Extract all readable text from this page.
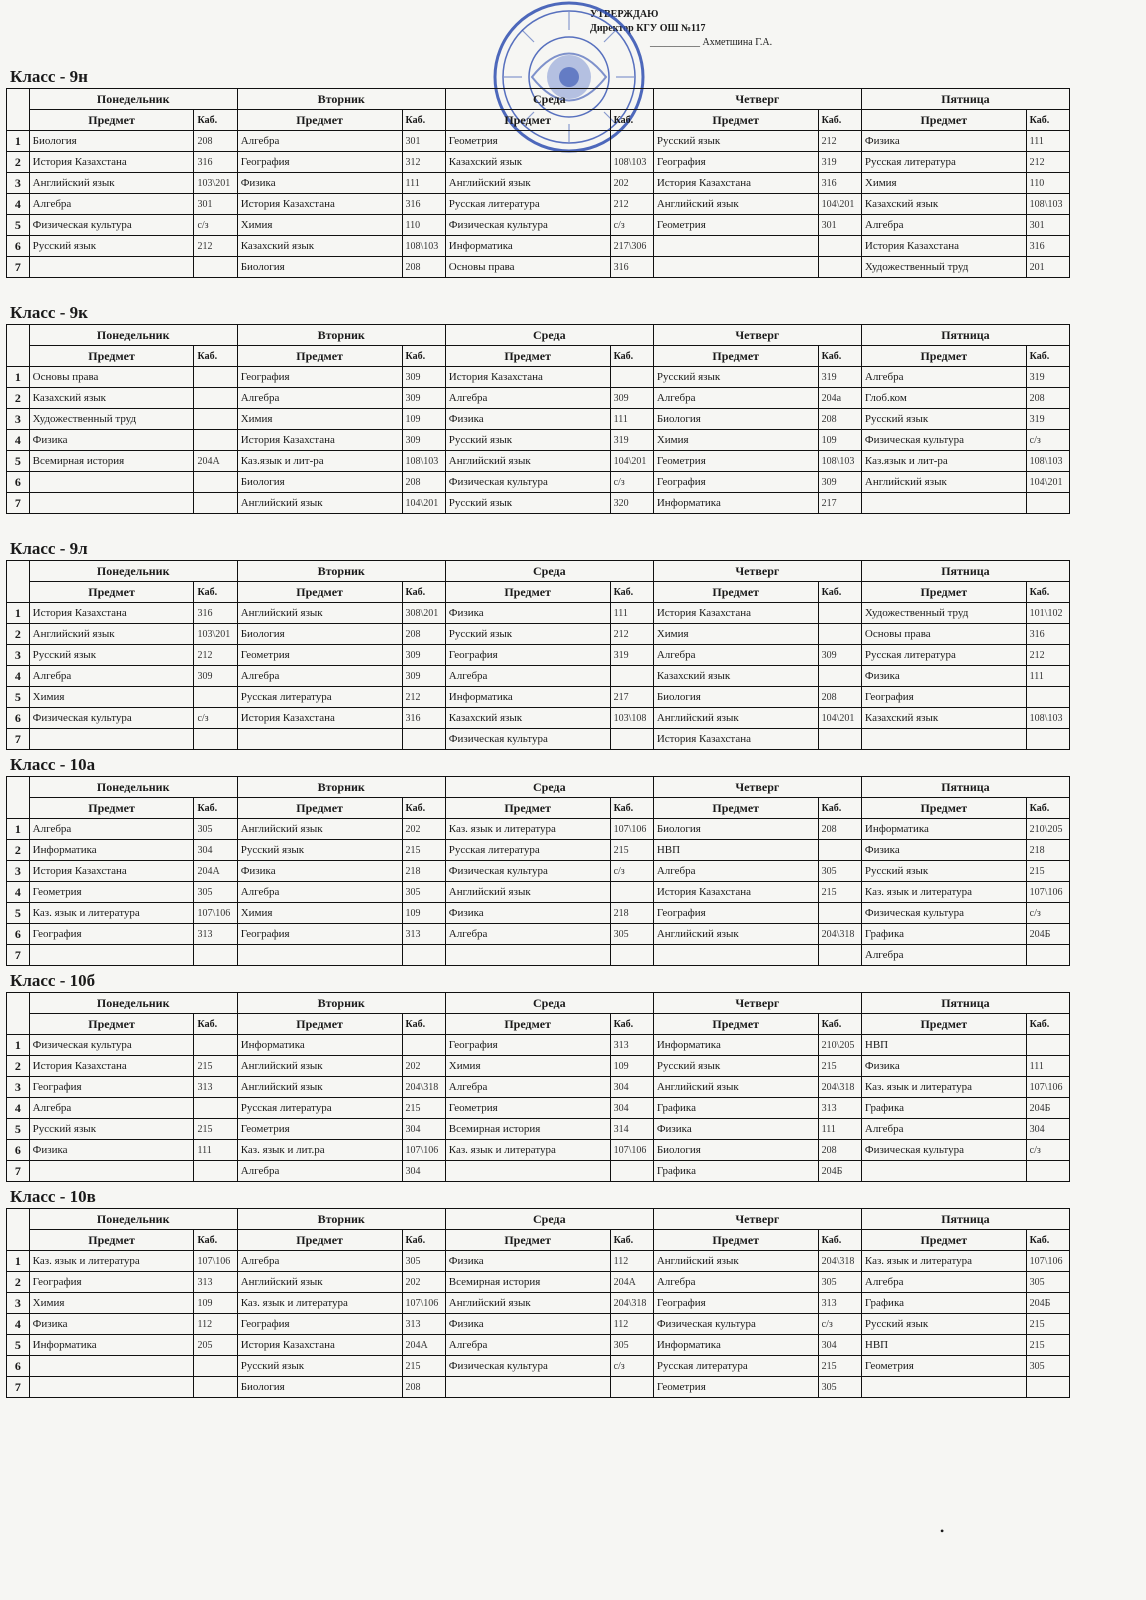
УТВЕРЖДАЮ
Директор КГУ ОШ №117
__________ Ахметшина Г.А.
Класс - 9н
	Понедельник		Вторник		Среда		Четверг		Пятница	
	Предмет	Каб.	Предмет	Каб.	Предмет	Каб.	Предмет	Каб.	Предмет	Каб.
1	Биология	208	Алгебра	301	Геометрия		Русский язык	212	Физика	111
2	История Казахстана	316	География	312	Казахский язык	108\103	География	319	Русская литература	212
3	Английский язык	103\201	Физика	111	Английский язык	202	История Казахстана	316	Химия	110
4	Алгебра	301	История Казахстана	316	Русская литература	212	Английский язык	104\201	Казахский язык	108\103
5	Физическая культура	с/з	Химия	110	Физическая культура	с/з	Геометрия	301	Алгебра	301
6	Русский язык	212	Казахский язык	108\103	Информатика	217\306			История Казахстана	316
7			Биология	208	Основы права	316			Художественный труд	201
Класс - 9к
	Понедельник		Вторник		Среда		Четверг		Пятница	
	Предмет	Каб.	Предмет	Каб.	Предмет	Каб.	Предмет	Каб.	Предмет	Каб.
1	Основы права		География	309	История Казахстана		Русский язык	319	Алгебра	319
2	Казахский язык		Алгебра	309	Алгебра	309	Алгебра	204а	Глоб.ком	208
3	Художественный труд		Химия	109	Физика	111	Биология	208	Русский язык	319
4	Физика		История Казахстана	309	Русский язык	319	Химия	109	Физическая культура	с/з
5	Всемирная история	204А	Каз.язык и лит-ра	108\103	Английский язык	104\201	Геометрия	108\103	Каз.язык и лит-ра	108\103
6			Биология	208	Физическая культура	с/з	География	309	Английский язык	104\201
7			Английский язык	104\201	Русский язык	320	Информатика	217		
Класс - 9л
	Понедельник		Вторник		Среда		Четверг		Пятница	
	Предмет	Каб.	Предмет	Каб.	Предмет	Каб.	Предмет	Каб.	Предмет	Каб.
1	История Казахстана	316	Английский язык	308\201	Физика	111	История Казахстана		Художественный труд	101\102
2	Английский язык	103\201	Биология	208	Русский язык	212	Химия		Основы права	316
3	Русский язык	212	Геометрия	309	География	319	Алгебра	309	Русская литература	212
4	Алгебра	309	Алгебра	309	Алгебра		Казахский язык		Физика	111
5	Химия		Русская литература	212	Информатика	217	Биология	208	География	
6	Физическая культура	с/з	История Казахстана	316	Казахский язык	103\108	Английский язык	104\201	Казахский язык	108\103
7					Физическая культура		История Казахстана			
Класс - 10а
	Понедельник		Вторник		Среда		Четверг		Пятница	
	Предмет	Каб.	Предмет	Каб.	Предмет	Каб.	Предмет	Каб.	Предмет	Каб.
1	Алгебра	305	Английский язык	202	Каз. язык и литература	107\106	Биология	208	Информатика	210\205
2	Информатика	304	Русский язык	215	Русская литература	215	НВП		Физика	218
3	История Казахстана	204А	Физика	218	Физическая культура	с/з	Алгебра	305	Русский язык	215
4	Геометрия	305	Алгебра	305	Английский язык		История Казахстана	215	Каз. язык и литература	107\106
5	Каз. язык и литература	107\106	Химия	109	Физика	218	География		Физическая культура	с/з
6	География	313	География	313	Алгебра	305	Английский язык	204\318	Графика	204Б
7									Алгебра	
Класс - 10б
	Понедельник		Вторник		Среда		Четверг		Пятница	
	Предмет	Каб.	Предмет	Каб.	Предмет	Каб.	Предмет	Каб.	Предмет	Каб.
1	Физическая культура		Информатика		География	313	Информатика	210\205	НВП	
2	История Казахстана	215	Английский язык	202	Химия	109	Русский язык	215	Физика	111
3	География	313	Английский язык	204\318	Алгебра	304	Английский язык	204\318	Каз. язык и литература	107\106
4	Алгебра		Русская литература	215	Геометрия	304	Графика	313	Графика	204Б
5	Русский язык	215	Геометрия	304	Всемирная история	314	Физика	111	Алгебра	304
6	Физика	111	Каз. язык и лит.ра	107\106	Каз. язык и литература	107\106	Биология	208	Физическая культура	с/з
7			Алгебра	304			Графика	204Б		
Класс - 10в
	Понедельник		Вторник		Среда		Четверг		Пятница	
	Предмет	Каб.	Предмет	Каб.	Предмет	Каб.	Предмет	Каб.	Предмет	Каб.
1	Каз. язык и литература	107\106	Алгебра	305	Физика	112	Английский язык	204\318	Каз. язык и литература	107\106
2	География	313	Английский язык	202	Всемирная история	204А	Алгебра	305	Алгебра	305
3	Химия	109	Каз. язык и литература	107\106	Английский язык	204\318	География	313	Графика	204Б
4	Физика	112	География	313	Физика	112	Физическая культура	с/з	Русский язык	215
5	Информатика	205	История Казахстана	204А	Алгебра	305	Информатика	304	НВП	215
6			Русский язык	215	Физическая культура	с/з	Русская литература	215	Геометрия	305
7			Биология	208			Геометрия	305		
•
